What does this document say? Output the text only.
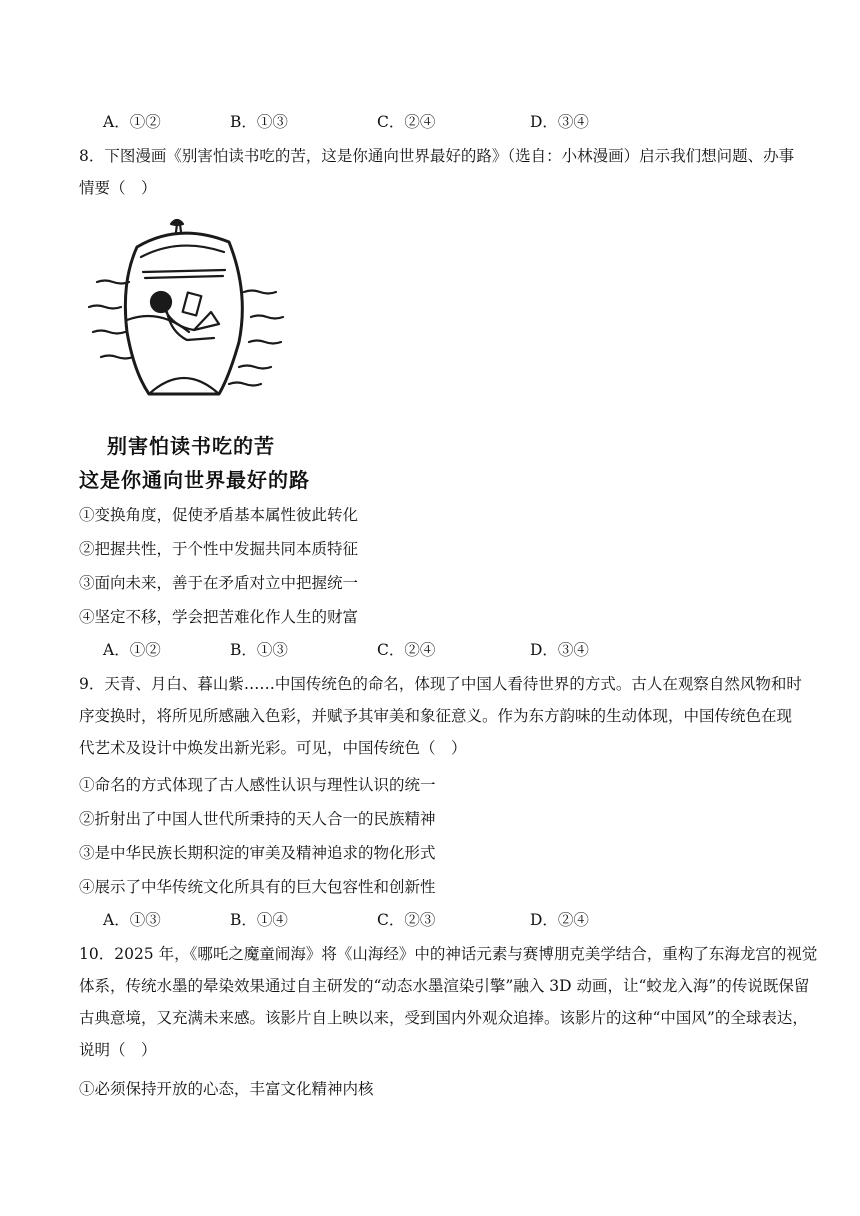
A．①②	B．①③	C．②④	D．③④
8．下图漫画《别害怕读书吃的苦，这是你通向世界最好的路》（选自：小林漫画）启示我们想问题、办事
情要（　）
别害怕读书吃的苦
这是你通向世界最好的路
①变换角度，促使矛盾基本属性彼此转化
②把握共性，于个性中发掘共同本质特征
③面向未来，善于在矛盾对立中把握统一
④坚定不移，学会把苦难化作人生的财富
A．①②	B．①③	C．②④	D．③④
9．天青、月白、暮山紫……中国传统色的命名，体现了中国人看待世界的方式。古人在观察自然风物和时
序变换时，将所见所感融入色彩，并赋予其审美和象征意义。作为东方韵味的生动体现，中国传统色在现
代艺术及设计中焕发出新光彩。可见，中国传统色（　）
①命名的方式体现了古人感性认识与理性认识的统一
②折射出了中国人世代所秉持的天人合一的民族精神
③是中华民族长期积淀的审美及精神追求的物化形式
④展示了中华传统文化所具有的巨大包容性和创新性
A．①③	B．①④	C．②③	D．②④
10．2025 年，《哪吒之魔童闹海》将《山海经》中的神话元素与赛博朋克美学结合，重构了东海龙宫的视觉
体系，传统水墨的晕染效果通过自主研发的“动态水墨渲染引擎”融入 3D 动画，让“蛟龙入海”的传说既保留
古典意境，又充满未来感。该影片自上映以来，受到国内外观众追捧。该影片的这种“中国风”的全球表达，
说明（　）
①必须保持开放的心态，丰富文化精神内核
